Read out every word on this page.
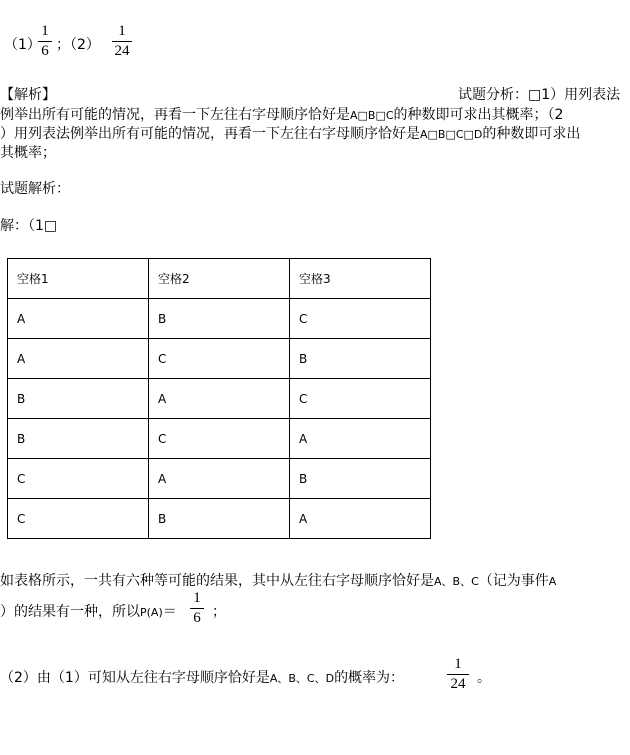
（1）
1
6 ；（2）
1
24
【解析】	试题分析：□1）用列表法
例举出所有可能的情况，再看一下左往右字母顺序恰好是A□B□C的种数即可求出其概率；（2
）用列表法例举出所有可能的情况，再看一下左往右字母顺序恰好是A□B□C□D的种数即可求出
其概率；
试题解析：
解：（1□
空格1	空格2	空格3
A	B	C
A	C	B
B	A	C
B	C	A
C	A	B
C	B	A
如表格所示，一共有六种等可能的结果，其中从左往右字母顺序恰好是A、B、C（记为事件A
）的结果有一种，所以P(A)＝
1
6 ；
（2）由（1）可知从左往右字母顺序恰好是A、B、C、D的概率为：
1
24 。
